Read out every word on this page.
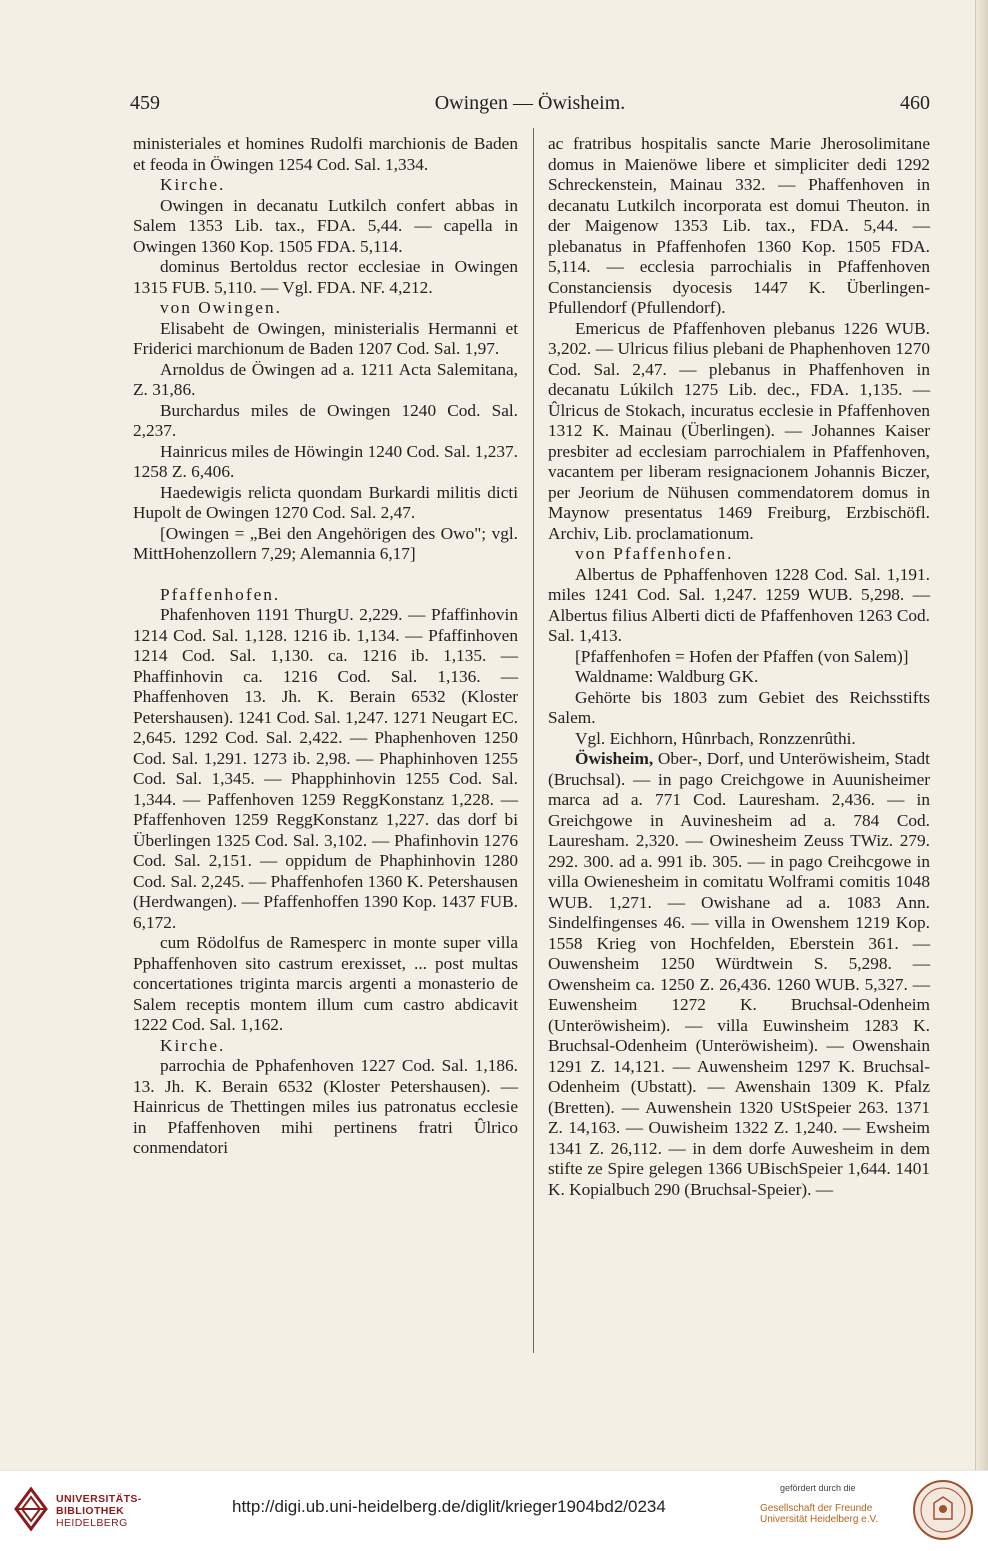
459	Owingen — Öwisheim.	460

ministeriales et homines Rudolfi marchionis de Baden et feoda in Öwingen 1254 Cod. Sal. 1,334.

Kirche.

Owingen in decanatu Lutkilch confert abbas in Salem 1353 Lib. tax., FDA. 5,44. — capella in Owingen 1360 Kop. 1505 FDA. 5,114.

dominus Bertoldus rector ecclesiae in Owingen 1315 FUB. 5,110. — Vgl. FDA. NF. 4,212.

von Owingen.

Elisabeht de Owingen, ministerialis Hermanni et Friderici marchionum de Baden 1207 Cod. Sal. 1,97.

Arnoldus de Öwingen ad a. 1211 Acta Salemitana, Z. 31,86.

Burchardus miles de Owingen 1240 Cod. Sal. 2,237.

Hainricus miles de Höwingin 1240 Cod. Sal. 1,237. 1258 Z. 6,406.

Haedewigis relicta quondam Burkardi militis dicti Hupolt de Owingen 1270 Cod. Sal. 2,47.

[Owingen = „Bei den Angehörigen des Owo"; vgl. MittHohenzollern 7,29; Alemannia 6,17]

Pfaffenhofen.

Phafenhoven 1191 ThurgU. 2,229. — Pfaffinhovin 1214 Cod. Sal. 1,128. 1216 ib. 1,134. — Pfaffinhoven 1214 Cod. Sal. 1,130. ca. 1216 ib. 1,135. — Phaffinhovin ca. 1216 Cod. Sal. 1,136. — Phaffenhoven 13. Jh. K. Berain 6532 (Kloster Petershausen). 1241 Cod. Sal. 1,247. 1271 Neugart EC. 2,645. 1292 Cod. Sal. 2,422. — Phaphenhoven 1250 Cod. Sal. 1,291. 1273 ib. 2,98. — Phaphinhoven 1255 Cod. Sal. 1,345. — Phapphinhovin 1255 Cod. Sal. 1,344. — Paffenhoven 1259 ReggKonstanz 1,228. — Pfaffenhoven 1259 ReggKonstanz 1,227. das dorf bi Überlingen 1325 Cod. Sal. 3,102. — Phafinhovin 1276 Cod. Sal. 2,151. — oppidum de Phaphinhovin 1280 Cod. Sal. 2,245. — Phaffenhofen 1360 K. Petershausen (Herdwangen). — Pfaffenhoffen 1390 Kop. 1437 FUB. 6,172.

cum Rödolfus de Ramesperc in monte super villa Pphaffenhoven sito castrum erexisset, ... post multas concertationes triginta marcis argenti a monasterio de Salem receptis montem illum cum castro abdicavit 1222 Cod. Sal. 1,162.

Kirche.

parrochia de Pphafenhoven 1227 Cod. Sal. 1,186. 13. Jh. K. Berain 6532 (Kloster Petershausen). — Hainricus de Thettingen miles ius patronatus ecclesie in Pfaffenhoven mihi pertinens fratri Ûlrico conmendatori

ac fratribus hospitalis sancte Marie Jherosolimitane domus in Maienöwe libere et simpliciter dedi 1292 Schreckenstein, Mainau 332. — Phaffenhoven in decanatu Lutkilch incorporata est domui Theuton. in der Maigenow 1353 Lib. tax., FDA. 5,44. — plebanatus in Pfaffenhofen 1360 Kop. 1505 FDA. 5,114. — ecclesia parrochialis in Pfaffenhoven Constanciensis dyocesis 1447 K. Überlingen-Pfullendorf (Pfullendorf).

Emericus de Pfaffenhoven plebanus 1226 WUB. 3,202. — Ulricus filius plebani de Phaphenhoven 1270 Cod. Sal. 2,47. — plebanus in Phaffenhoven in decanatu Lúkilch 1275 Lib. dec., FDA. 1,135. — Ûlricus de Stokach, incuratus ecclesie in Pfaffenhoven 1312 K. Mainau (Überlingen). — Johannes Kaiser presbiter ad ecclesiam parrochialem in Pfaffenhoven, vacantem per liberam resignacionem Johannis Biczer, per Jeorium de Nühusen commendatorem domus in Maynow presentatus 1469 Freiburg, Erzbischöfl. Archiv, Lib. proclamationum.

von Pfaffenhofen.

Albertus de Pphaffenhoven 1228 Cod. Sal. 1,191. miles 1241 Cod. Sal. 1,247. 1259 WUB. 5,298. — Albertus filius Alberti dicti de Pfaffenhoven 1263 Cod. Sal. 1,413.

[Pfaffenhofen = Hofen der Pfaffen (von Salem)]

Waldname: Waldburg GK.

Gehörte bis 1803 zum Gebiet des Reichsstifts Salem.

Vgl. Eichhorn, Hûnrbach, Ronzzenrûthi.

Öwisheim, Ober-, Dorf, und Unteröwisheim, Stadt (Bruchsal). — in pago Creichgowe in Auunisheimer marca ad a. 771 Cod. Lauresham. 2,436. — in Greichgowe in Auvinesheim ad a. 784 Cod. Lauresham. 2,320. — Owinesheim Zeuss TWiz. 279. 292. 300. ad a. 991 ib. 305. — in pago Creihcgowe in villa Owienesheim in comitatu Wolframi comitis 1048 WUB. 1,271. — Owishane ad a. 1083 Ann. Sindelfingenses 46. — villa in Owenshem 1219 Kop. 1558 Krieg von Hochfelden, Eberstein 361. — Ouwensheim 1250 Würdtwein S. 5,298. — Owensheim ca. 1250 Z. 26,436. 1260 WUB. 5,327. — Euwensheim 1272 K. Bruchsal-Odenheim (Unteröwisheim). — villa Euwinsheim 1283 K. Bruchsal-Odenheim (Unteröwisheim). — Owenshain 1291 Z. 14,121. — Auwensheim 1297 K. Bruchsal-Odenheim (Ubstatt). — Awenshain 1309 K. Pfalz (Bretten). — Auwenshein 1320 UStSpeier 263. 1371 Z. 14,163. — Ouwisheim 1322 Z. 1,240. — Ewsheim 1341 Z. 26,112. — in dem dorfe Auwesheim in dem stifte ze Spire gelegen 1366 UBischSpeier 1,644. 1401 K. Kopialbuch 290 (Bruchsal-Speier). —

UNIVERSITÄTS-
BIBLIOTHEK
HEIDELBERG
http://digi.ub.uni-heidelberg.de/diglit/krieger1904bd2/0234
gefördert durch die
Gesellschaft der Freunde
Universität Heidelberg e.V.
